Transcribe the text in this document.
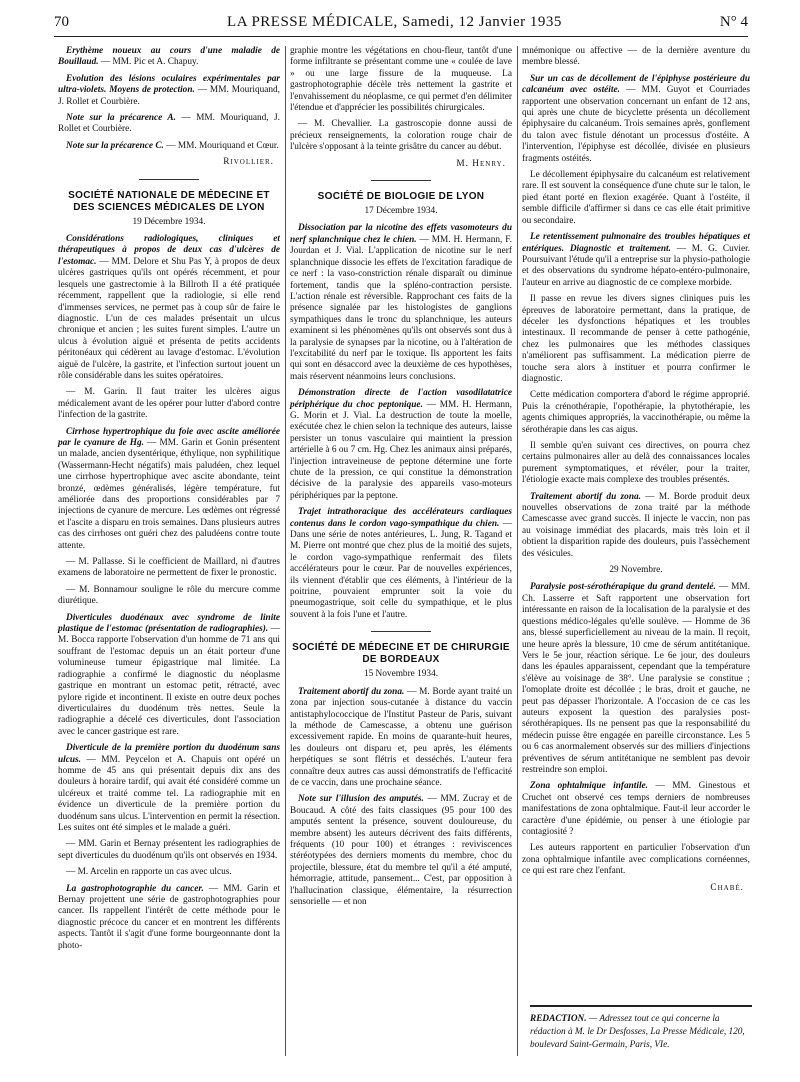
70	LA PRESSE MÉDICALE, Samedi, 12 Janvier 1935	N° 4

Erythème noueux au cours d'une maladie de Bouillaud. — MM. Pic et A. Chapuy.

Evolution des lésions oculaires expérimentales par ultra-violets. Moyens de protection. — MM. Mouriquand, J. Rollet et Courbière.

Note sur la précarence A. — MM. Mouriquand, J. Rollet et Courbière.

Note sur la précarence C. — MM. Mouriquand et Cœur.

Rivollier.
SOCIÉTÉ NATIONALE DE MÉDECINE ET DES SCIENCES MÉDICALES DE LYON
19 Décembre 1934.

Considérations radiologiques, cliniques et thérapeutiques à propos de deux cas d'ulcères de l'estomac. — MM. Delore et Shu Pas Y, à propos de deux ulcères gastriques qu'ils ont opérés récemment, et pour lesquels une gastrectomie à la Billroth II a été pratiquée récemment, rappellent que la radiologie, si elle rend d'immenses services, ne permet pas à coup sûr de faire le diagnostic. L'un de ces malades présentait un ulcus chronique et ancien ; les suites furent simples. L'autre un ulcus à évolution aiguë et présenta de petits accidents péritonéaux qui cédèrent au lavage d'estomac. L'évolution aiguë de l'ulcère, la gastrite, et l'infection surtout jouent un rôle considérable dans les suites opératoires.

— M. Garin. Il faut traiter les ulcères aigus médicalement avant de les opérer pour lutter d'abord contre l'infection de la gastrite.

Cirrhose hypertrophique du foie avec ascite améliorée par le cyanure de Hg. — MM. Garin et Gonin présentent un malade, ancien dysentérique, éthylique, non syphilitique (Wassermann-Hecht négatifs) mais paludéen, chez lequel une cirrhose hypertrophique avec ascite abondante, teint bronzé, œdèmes généralisés, légère température, fut améliorée dans des proportions considérables par 7 injections de cyanure de mercure. Les œdèmes ont régressé et l'ascite a disparu en trois semaines. Dans plusieurs autres cas des cirrhoses ont guéri chez des paludéens contre toute attente.

— M. Pallasse. Si le coefficient de Maillard, ni d'autres examens de laboratoire ne permettent de fixer le pronostic.

— M. Bonnamour souligne le rôle du mercure comme diurétique.

Diverticules duodénaux avec syndrome de linite plastique de l'estomac (présentation de radiographies). — M. Bocca rapporte l'observation d'un homme de 71 ans qui souffrant de l'estomac depuis un an était porteur d'une volumineuse tumeur épigastrique mal limitée. La radiographie a confirmé le diagnostic du néoplasme gastrique en montrant un estomac petit, rétracté, avec pylore rigide et incontinent. Il existe en outre deux poches diverticulaires du duodénum très nettes. Seule la radiographie a décelé ces diverticules, dont l'association avec le cancer gastrique est rare.

Diverticule de la première portion du duodénum sans ulcus. — MM. Peycelon et A. Chapuis ont opéré un homme de 45 ans qui présentait depuis dix ans des douleurs à horaire tardif, qui avait été considéré comme un ulcéreux et traité comme tel. La radiographie mit en évidence un diverticule de la première portion du duodénum sans ulcus. L'intervention en permit la résection. Les suites ont été simples et le malade a guéri.

— MM. Garin et Bernay présentent les radiographies de sept diverticules du duodénum qu'ils ont observés en 1934.

— M. Arcelin en rapporte un cas avec ulcus.

La gastrophotographie du cancer. — MM. Garin et Bernay projettent une série de gastrophotographies pour cancer. Ils rappellent l'intérêt de cette méthode pour le diagnostic précoce du cancer et en montrent les différents aspects. Tantôt il s'agit d'une forme bourgeonnante dont la photo-

graphie montre les végétations en chou-fleur, tantôt d'une forme infiltrante se présentant comme une « coulée de lave » ou une large fissure de la muqueuse. La gastrophotographie décèle très nettement la gastrite et l'envahissement du néoplasme, ce qui permet d'en délimiter l'étendue et d'apprécier les possibilités chirurgicales.

— M. Chevallier. La gastroscopie donne aussi de précieux renseignements, la coloration rouge chair de l'ulcère s'opposant à la teinte grisâtre du cancer au début.

M. Henry.
SOCIÉTÉ DE BIOLOGIE DE LYON
17 Décembre 1934.

Dissociation par la nicotine des effets vasomoteurs du nerf splanchnique chez le chien. — MM. H. Hermann, F. Jourdan et J. Vial. L'application de nicotine sur le nerf splanchnique dissocie les effets de l'excitation faradique de ce nerf : la vaso-constriction rénale disparaît ou diminue fortement, tandis que la spléno-contraction persiste. L'action rénale est réversible. Rapprochant ces faits de la présence signalée par les histologistes de ganglions sympathiques dans le tronc du splanchnique, les auteurs examinent si les phénomènes qu'ils ont observés sont dus à la paralysie de synapses par la nicotine, ou à l'altération de l'excitabilité du nerf par le toxique. Ils apportent les faits qui sont en désaccord avec la deuxième de ces hypothèses, mais réservent néanmoins leurs conclusions.

Démonstration directe de l'action vasodilatatrice périphérique du choc peptonique. — MM. H. Hermann, G. Morin et J. Vial. La destruction de toute la moelle, exécutée chez le chien selon la technique des auteurs, laisse persister un tonus vasculaire qui maintient la pression artérielle à 6 ou 7 cm. Hg. Chez les animaux ainsi préparés, l'injection intraveineuse de peptone détermine une forte chute de la pression, ce qui constitue la démonstration décisive de la paralysie des appareils vaso-moteurs périphériques par la peptone.

Trajet intrathoracique des accélérateurs cardiaques contenus dans le cordon vago-sympathique du chien. — Dans une série de notes antérieures, L. Jung, R. Tagand et M. Pierre ont montré que chez plus de la moitié des sujets, le cordon vago-sympathique renfermait des filets accélérateurs pour le cœur. Par de nouvelles expériences, ils viennent d'établir que ces éléments, à l'intérieur de la poitrine, pouvaient emprunter soit la voie du pneumogastrique, soit celle du sympathique, et le plus souvent à la fois l'une et l'autre.

SOCIÉTÉ DE MÉDECINE ET DE CHIRURGIE DE BORDEAUX
15 Novembre 1934.

Traitement abortif du zona. — M. Borde ayant traité un zona par injection sous-cutanée à distance du vaccin antistaphylococcique de l'Institut Pasteur de Paris, suivant la méthode de Camescasse, a obtenu une guérison excessivement rapide. En moins de quarante-huit heures, les douleurs ont disparu et, peu après, les éléments herpétiques se sont flétris et desséchés. L'auteur fera connaître deux autres cas aussi démonstratifs de l'efficacité de ce vaccin, dans une prochaine séance.

Note sur l'illusion des amputés. — MM. Zucray et de Boucaud. A côté des faits classiques (95 pour 100 des amputés sentent la présence, souvent douloureuse, du membre absent) les auteurs décrivent des faits différents, fréquents (10 pour 100) et étranges : reviviscences stéréotypées des derniers moments du membre, choc du projectile, blessure, état du membre tel qu'il a été amputé, hémorragie, attitude, pansement... C'est, par opposition à l'hallucination classique, élémentaire, la résurrection sensorielle — et non

mnémonique ou affective — de la dernière aventure du membre blessé.

Sur un cas de décollement de l'épiphyse postérieure du calcanéum avec ostéite. — MM. Guyot et Courriades rapportent une observation concernant un enfant de 12 ans, qui après une chute de bicyclette présenta un décollement épiphysaire du calcanéum. Trois semaines après, gonflement du talon avec fistule dénotant un processus d'ostéite. A l'intervention, l'épiphyse est décollée, divisée en plusieurs fragments ostéités.

Le décollement épiphysaire du calcanéum est relativement rare. Il est souvent la conséquence d'une chute sur le talon, le pied étant porté en flexion exagérée. Quant à l'ostéite, il semble difficile d'affirmer si dans ce cas elle était primitive ou secondaire.

Le retentissement pulmonaire des troubles hépatiques et entériques. Diagnostic et traitement. — M. G. Cuvier. Poursuivant l'étude qu'il a entreprise sur la physio-pathologie et des observations du syndrome hépato-entéro-pulmonaire, l'auteur en arrive au diagnostic de ce complexe morbide.

Il passe en revue les divers signes cliniques puis les épreuves de laboratoire permettant, dans la pratique, de déceler les dysfonctions hépatiques et les troubles intestinaux. Il recommande de penser à cette pathogénie, chez les pulmonaires que les méthodes classiques n'améliorent pas suffisamment. La médication pierre de touche sera alors à instituer et pourra confirmer le diagnostic.

Cette médication comportera d'abord le régime approprié. Puis la crénothérapie, l'opothérapie, la phytothérapie, les agents chimiques appropriés, la vaccinothérapie, ou même la sérothérapie dans les cas aigus.

Il semble qu'en suivant ces directives, on pourra chez certains pulmonaires aller au delà des connaissances locales purement symptomatiques, et révéler, pour la traiter, l'étiologie exacte mais complexe des troubles présentés.

Traitement abortif du zona. — M. Borde produit deux nouvelles observations de zona traité par la méthode Camescasse avec grand succès. Il injecte le vaccin, non pas au voisinage immédiat des placards, mais très loin et il obtient la disparition rapide des douleurs, puis l'assèchement des vésicules.

29 Novembre.

Paralysie post-sérothérapique du grand dentelé. — MM. Ch. Lasserre et Saft rapportent une observation fort intéressante en raison de la localisation de la paralysie et des questions médico-légales qu'elle soulève. — Homme de 36 ans, blessé superficiellement au niveau de la main. Il reçoit, une heure après la blessure, 10 cme de sérum antitétanique. Vers le 5e jour, réaction sérique. Le 6e jour, des douleurs dans les épaules apparaissent, cependant que la température s'élève au voisinage de 38°. Une paralysie se constitue ; l'omoplate droite est décollée ; le bras, droit et gauche, ne peut pas dépasser l'horizontale. A l'occasion de ce cas les auteurs exposent la question des paralysies post-sérothérapiques. Ils ne pensent pas que la responsabilité du médecin puisse être engagée en pareille circonstance. Les 5 ou 6 cas anormalement observés sur des milliers d'injections préventives de sérum antitétanique ne semblent pas devoir restreindre son emploi.

Zona ophtalmique infantile. — MM. Ginestous et Cruchet ont observé ces temps derniers de nombreuses manifestations de zona ophtalmique. Faut-il leur accorder le caractère d'une épidémie, ou penser à une étiologie par contagiosité ?

Les auteurs rapportent en particulier l'observation d'un zona ophtalmique infantile avec complications cornéennes, ce qui est rare chez l'enfant.

Chabé.
REDACTION. — Adressez tout ce qui concerne la rédaction à M. le Dr Desfosses, La Presse Médicale, 120, boulevard Saint-Germain, Paris, VIe.
